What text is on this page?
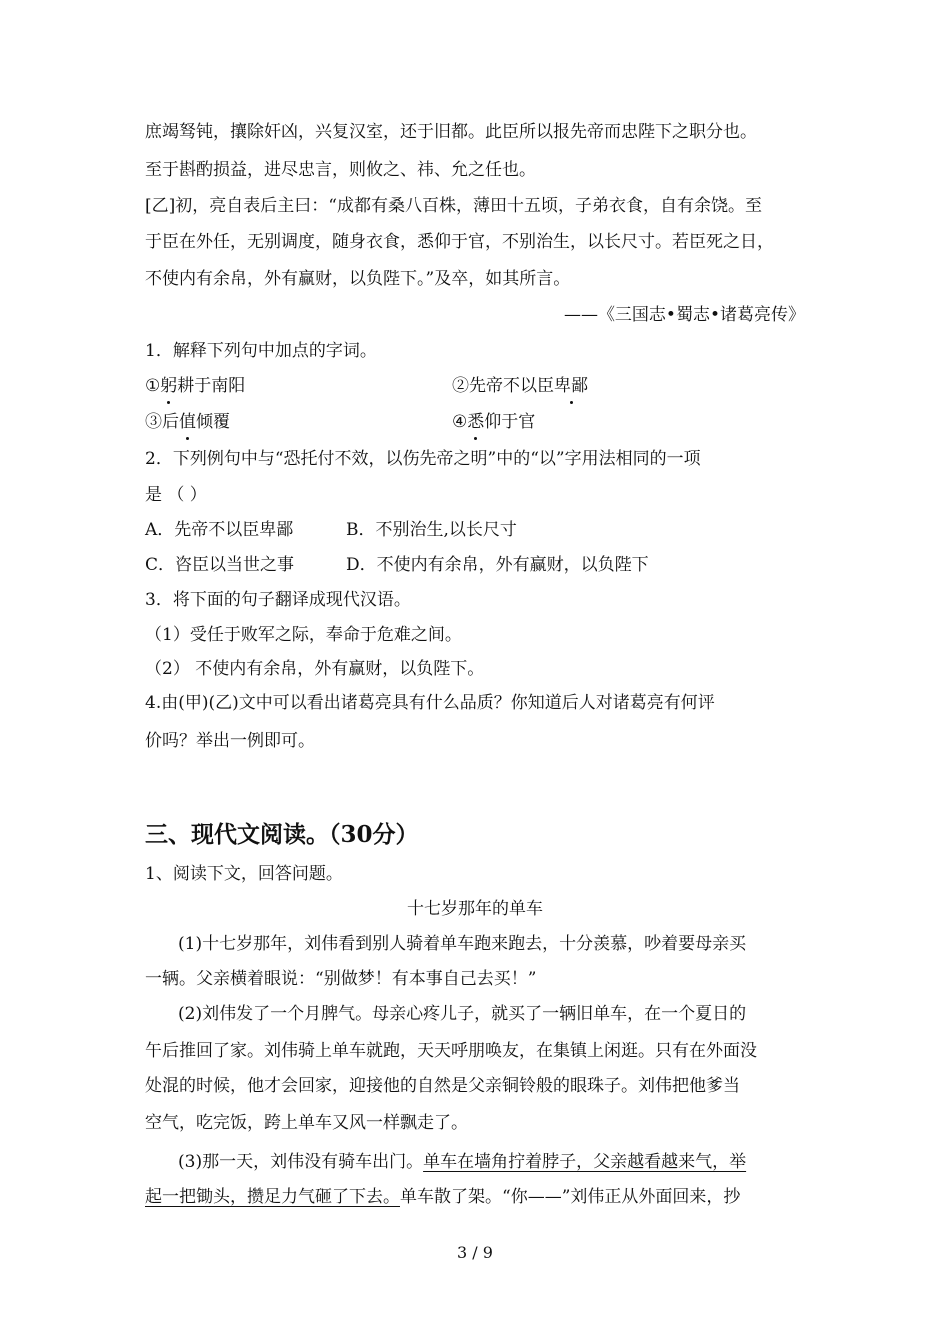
庶竭驽钝，攘除奸凶，兴复汉室，还于旧都。此臣所以报先帝而忠陛下之职分也。

至于斟酌损益，进尽忠言，则攸之、祎、允之任也。

[乙]初，亮自表后主曰：“成都有桑八百株，薄田十五顷，子弟衣食，自有余饶。至

于臣在外任，无别调度，随身衣食，悉仰于官，不别治生，以长尺寸。若臣死之日，

不使内有余帛，外有赢财，以负陛下。”及卒，如其所言。

——《三国志•蜀志•诸葛亮传》

1．解释下列句中加点的字词。

①躬耕于南阳	②先帝不以臣卑鄙

③后值倾覆	④悉仰于官

2．下列例句中与“恐托付不效，以伤先帝之明”中的“以”字用法相同的一项

是 （ ）

A．先帝不以臣卑鄙	B．不别治生,以长尺寸

C．咨臣以当世之事	D．不使内有余帛，外有赢财，以负陛下

3．将下面的句子翻译成现代汉语。

（1）受任于败军之际，奉命于危难之间。

（2） 不使内有余帛，外有赢财，以负陛下。

4.由(甲)(乙)文中可以看出诸葛亮具有什么品质？你知道后人对诸葛亮有何评

价吗？举出一例即可。

三、现代文阅读。（30分）

1、阅读下文，回答问题。

十七岁那年的单车

(1)十七岁那年，刘伟看到别人骑着单车跑来跑去，十分羡慕，吵着要母亲买

一辆。父亲横着眼说：“别做梦！有本事自己去买！”

(2)刘伟发了一个月脾气。母亲心疼儿子，就买了一辆旧单车，在一个夏日的

午后推回了家。刘伟骑上单车就跑，天天呼朋唤友，在集镇上闲逛。只有在外面没

处混的时候，他才会回家，迎接他的自然是父亲铜铃般的眼珠子。刘伟把他爹当

空气，吃完饭，跨上单车又风一样飘走了。

(3)那一天，刘伟没有骑车出门。单车在墙角拧着脖子，父亲越看越来气，举

起一把锄头，攒足力气砸了下去。单车散了架。“你——”刘伟正从外面回来，抄

3 / 9
